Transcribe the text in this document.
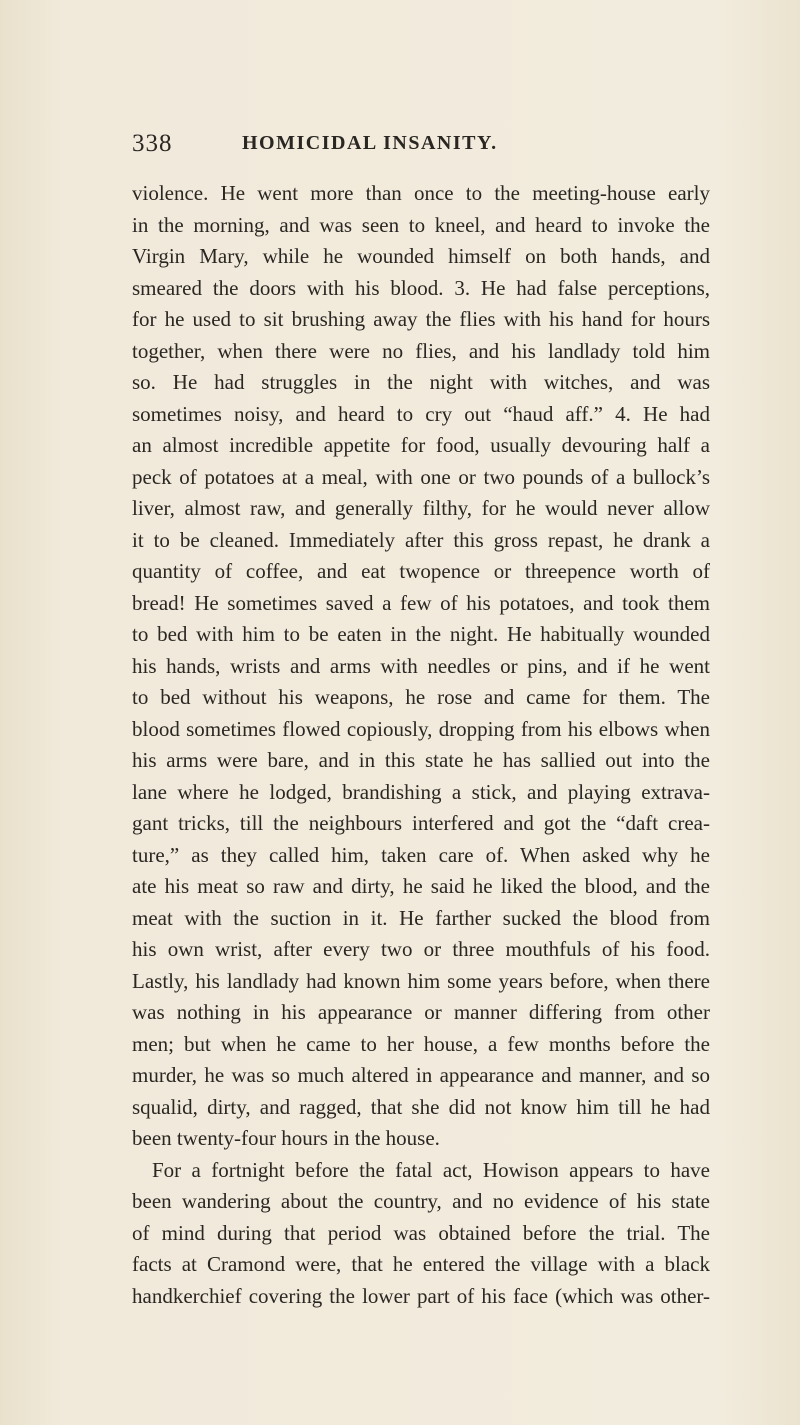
338	HOMICIDAL INSANITY.
violence. He went more than once to the meeting-house early
in the morning, and was seen to kneel, and heard to invoke the
Virgin Mary, while he wounded himself on both hands, and
smeared the doors with his blood. 3. He had false perceptions,
for he used to sit brushing away the flies with his hand for hours
together, when there were no flies, and his landlady told him
so. He had struggles in the night with witches, and was
sometimes noisy, and heard to cry out “haud aff.” 4. He had
an almost incredible appetite for food, usually devouring half a
peck of potatoes at a meal, with one or two pounds of a bullock’s
liver, almost raw, and generally filthy, for he would never allow
it to be cleaned. Immediately after this gross repast, he drank a
quantity of coffee, and eat twopence or threepence worth of
bread! He sometimes saved a few of his potatoes, and took them
to bed with him to be eaten in the night. He habitually wounded
his hands, wrists and arms with needles or pins, and if he went
to bed without his weapons, he rose and came for them. The
blood sometimes flowed copiously, dropping from his elbows when
his arms were bare, and in this state he has sallied out into the
lane where he lodged, brandishing a stick, and playing extrava-
gant tricks, till the neighbours interfered and got the “daft crea-
ture,” as they called him, taken care of. When asked why he
ate his meat so raw and dirty, he said he liked the blood, and the
meat with the suction in it. He farther sucked the blood from
his own wrist, after every two or three mouthfuls of his food.
Lastly, his landlady had known him some years before, when there
was nothing in his appearance or manner differing from other
men; but when he came to her house, a few months before the
murder, he was so much altered in appearance and manner, and so
squalid, dirty, and ragged, that she did not know him till he had
been twenty-four hours in the house.
For a fortnight before the fatal act, Howison appears to have
been wandering about the country, and no evidence of his state
of mind during that period was obtained before the trial. The
facts at Cramond were, that he entered the village with a black
handkerchief covering the lower part of his face (which was other-
